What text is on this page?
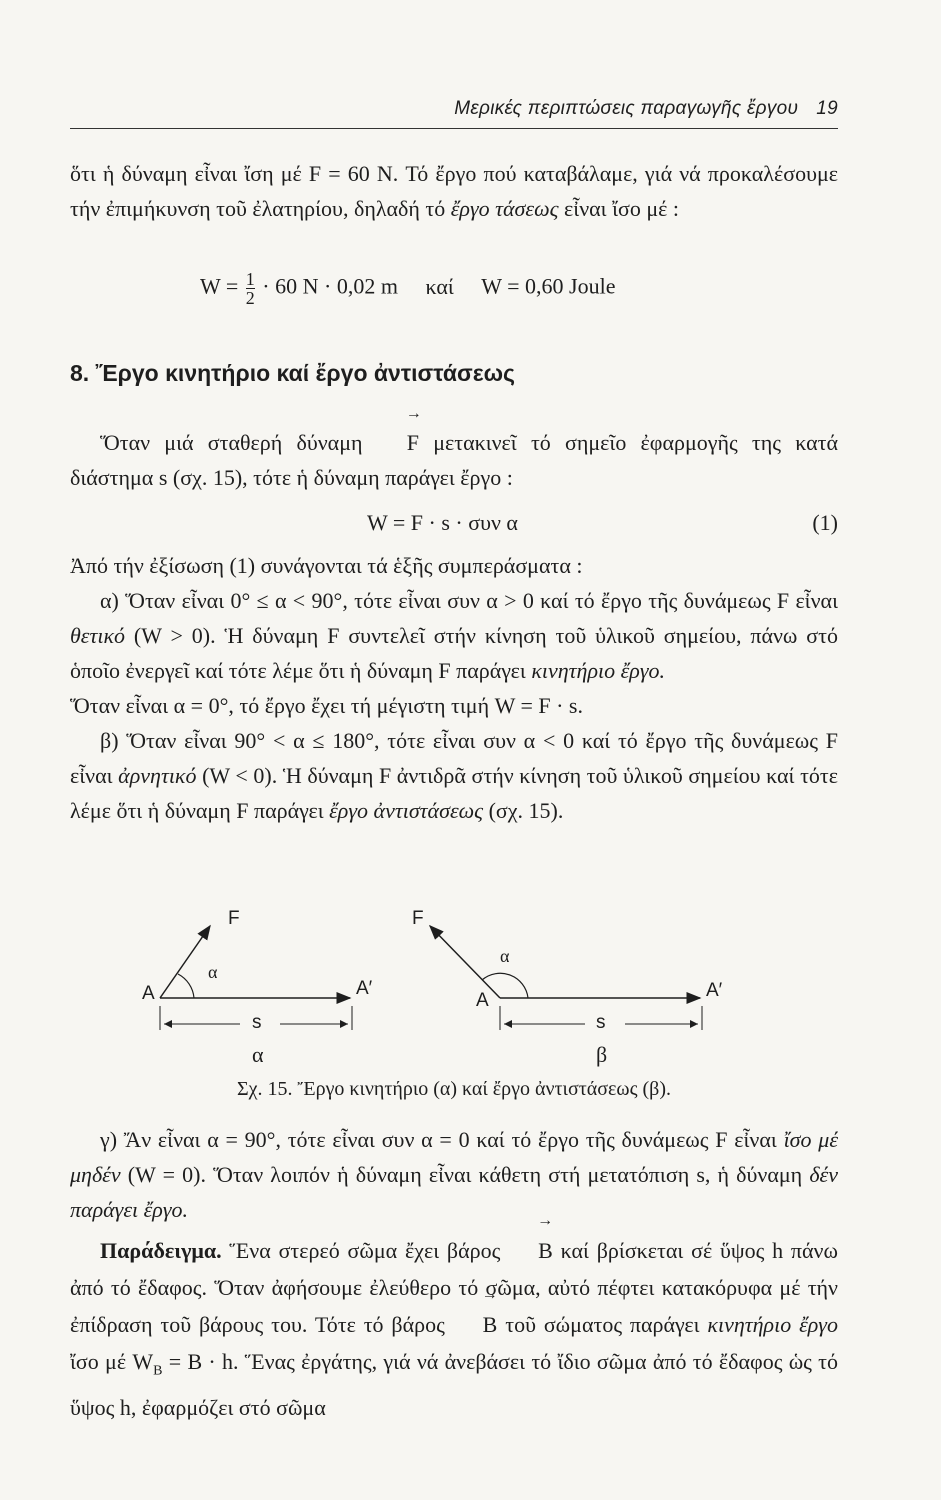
Μερικές περιπτώσεις παραγωγῆς ἔργου 19

ὅτι ἡ δύναμη εἶναι ἴση μέ F = 60 N. Τό ἔργο πού καταβάλαμε, γιά νά προκαλέσουμε τήν ἐπιμήκυνση τοῦ ἐλατηρίου, δηλαδή τό ἔργο τάσεως εἶναι ἴσο μέ :

$W = \frac{1}{2} \cdot 60$ N · 0,02 m καί W = 0,60 Joule
8. Ἔργο κινητήριο καί ἔργο ἀντιστάσεως

Ὅταν μιά σταθερή δύναμη → F μετακινεῖ τό σημεῖο ἐφαρμογῆς της κατά διάστημα s (σχ. 15), τότε ἡ δύναμη παράγει ἔργο :

W = F · s · συν α	(1)

Ἀπό τήν ἐξίσωση (1) συνάγονται τά ἑξῆς συμπεράσματα :

α) Ὅταν εἶναι 0° ≤ α < 90°, τότε εἶναι συν α > 0 καί τό ἔργο τῆς δυνάμεως F εἶναι θετικό (W > 0). Ἡ δύναμη F συντελεῖ στήν κίνηση τοῦ ὑλικοῦ σημείου, πάνω στό ὁποῖο ἐνεργεῖ καί τότε λέμε ὅτι ἡ δύναμη F παράγει κινητήριο ἔργο.

Ὅταν εἶναι α = 0°, τό ἔργο ἔχει τή μέγιστη τιμή W = F · s.

β) Ὅταν εἶναι 90° < α ≤ 180°, τότε εἶναι συν α < 0 καί τό ἔργο τῆς δυνάμεως F εἶναι ἀρνητικό (W < 0). Ἡ δύναμη F ἀντιδρᾶ στήν κίνηση τοῦ ὑλικοῦ σημείου καί τότε λέμε ὅτι ἡ δύναμη F παράγει ἔργο ἀντιστάσεως (σχ. 15).

F
α
A	A′
s
α
F
α
A	A′
s
β
Σχ. 15. Ἔργο κινητήριο (α) καί ἔργο ἀντιστάσεως (β).

γ) Ἄν εἶναι α = 90°, τότε εἶναι συν α = 0 καί τό ἔργο τῆς δυνάμεως F εἶναι ἴσο μέ μηδέν (W = 0). Ὅταν λοιπόν ἡ δύναμη εἶναι κάθετη στή μετατόπιση s, ἡ δύναμη δέν παράγει ἔργο.

Παράδειγμα. Ἕνα στερεό σῶμα ἔχει βάρος → B καί βρίσκεται σέ ὕψος h πάνω ἀπό τό ἔδαφος. Ὅταν ἀφήσουμε ἐλεύθερο τό σῶμα, αὐτό πέφτει κατακόρυφα μέ τήν ἐπίδραση τοῦ βάρους του. Τότε τό βάρος → B τοῦ σώματος παράγει κινητήριο ἔργο ἴσο μέ $W_B = B \cdot h$. Ἕνας ἐργάτης, γιά νά ἀνεβάσει τό ἴδιο σῶμα ἀπό τό ἔδαφος ὡς τό ὕψος h, ἐφαρμόζει στό σῶμα
